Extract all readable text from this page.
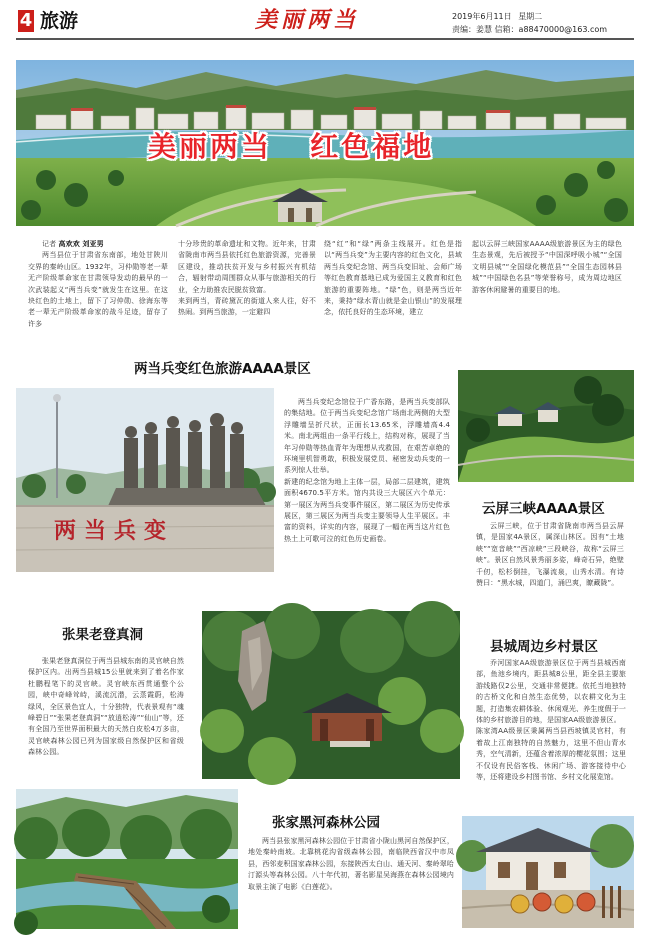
4 旅游	美丽两当	2019年6月11日 星期二
责编：姜慧 信箱：a88470000@163.com
美丽两当   红色福地

记者 高欢欢 刘亚男

两当县位于甘肃省东南部，地处甘陕川交界的秦岭山区。1932年，习仲勋等老一辈无产阶级革命家在甘肃领导发动的最早的一次武装起义“两当兵变”就发生在这里。在这块红色的土地上，留下了习仲勋、徐海东等老一辈无产阶级革命家的战斗足迹，留存了许多

十分珍贵的革命遗址和文物。近年来，甘肃省陇南市两当县依托红色旅游资源，完善景区建设，推动扶贫开发与乡村振兴有机结合，辐射带动周围群众从事与旅游相关的行业，全力助推农民脱贫致富。
来到两当，青砖黛瓦的街道人来人往，好不热闹。到两当旅游，一定避四

绕“红”和“绿”两条主线展开。红色是指以“两当兵变”为主要内容的红色文化，县域两当兵变纪念馆、两当兵变旧址、会师广场等红色教育基地已成为爱国主义教育和红色旅游的重要阵地。“绿”色，则是两当近年来，秉持“绿水青山就是金山银山”的发展理念，依托良好的生态环境，建立

起以云屏三峡国家AAAA级旅游景区为主的绿色生态景观，先后被授予“中国深呼吸小城”“全国文明县城”“全国绿化模范县”“全国生态园林县城”“中国绿色名县”等荣誉称号，成为周边地区游客休闲避暑的重要目的地。

两当兵变红色旅游AAAA景区
两当兵变

两当兵变纪念馆位于广香东路，是两当兵变部队的集结地。位于两当兵变纪念馆广场南北两侧的大型浮雕墙呈折尺状，正面长13.65米，浮雕墙高4.4米。南北两组由一条平行线上，结构对称，展现了当年习仲勋等热血青年为理想从戎救国，在艰苦卓绝的环境里机智勇敢，积极发展党员、秘密发动兵变的一系列惊人壮举。
新建的纪念馆为地上主体一层，局部二层建筑，建筑面积4670.5平方米。馆内共设三大展区六个单元：第一展区为两当兵变事件展区，第二展区为历史传承展区，第三展区为两当兵变主要领导人生平展区。丰富的资料，详实的内容，展现了一幅在两当这片红色热土上可歌可泣的红色历史画卷。

云屏三峡AAAA景区

云屏三峡，位于甘肃省陇南市两当县云屏镇，是国家4A景区，属深山林区。因有“土地峡”“宽音峡”“西凉峡”三段峡谷，故称“云屏三峡”。景区自然风景秀丽多姿，峰奇石异，绝壁千仞，松杉倒挂，飞瀑流泉，山秀水清。有诗赞曰：“黑水城，四道门，涌巴爽，瞭藏陇”。

张果老登真洞

张果老登真洞位于两当县城东南的灵官峡自然保护区内。出两当县城15公里就来到了着名作家杜鹏程笔下的灵官峡。灵官峡东西贯通整个公园，峡中奇峰耸峙，溪流沉潜，云蒸霞蔚，松涛绿风，全区景色宜人，十分独特，代表景观有“魂峰碧日”“张果老登真洞”“放逍松涛”“仙山”等，还有全国乃至世界面积最大的天然白皮松4万多亩，灵官峡森林公园已列为国家级自然保护区和省级森林公园。

县城周边乡村景区

乔河国家AA级旅游景区位于两当县城西南部，鱼池乡境内，距县城8公里，距全县主要旅游线路仅2公里，交通非常便捷。依托当地独特的古桥文化和自然生态优势，以农耕文化为主题，打造集农耕体验、休闲观光、养生度假于一体的乡村旅游目的地，是国家AA级旅游景区。
陈家湾AA级景区秉属两当县西坡镇灵官村，有着故上江南独特的自然魅力，这里不但山青水秀，空气清新，还蕴含着浓厚的樱花氛围；这里不仅设有民俗客栈、休闲广场、游客接待中心等，还将建设乡村图书馆、乡村文化展览馆。

张家黑河森林公园

两当县张家黑河森林公园位于甘肃省小陇山黑河自然保护区，地处秦岭南坡。北靠桃花沟省级森林公园，南临陕西省汉中市凤县，西邻麦积国家森林公园，东接陕西太白山、通天河、秦岭翠哈汀源头等森林公园。八十年代初，著名影星吴海燕在森林公园境内取景主演了电影《白莲花》。
